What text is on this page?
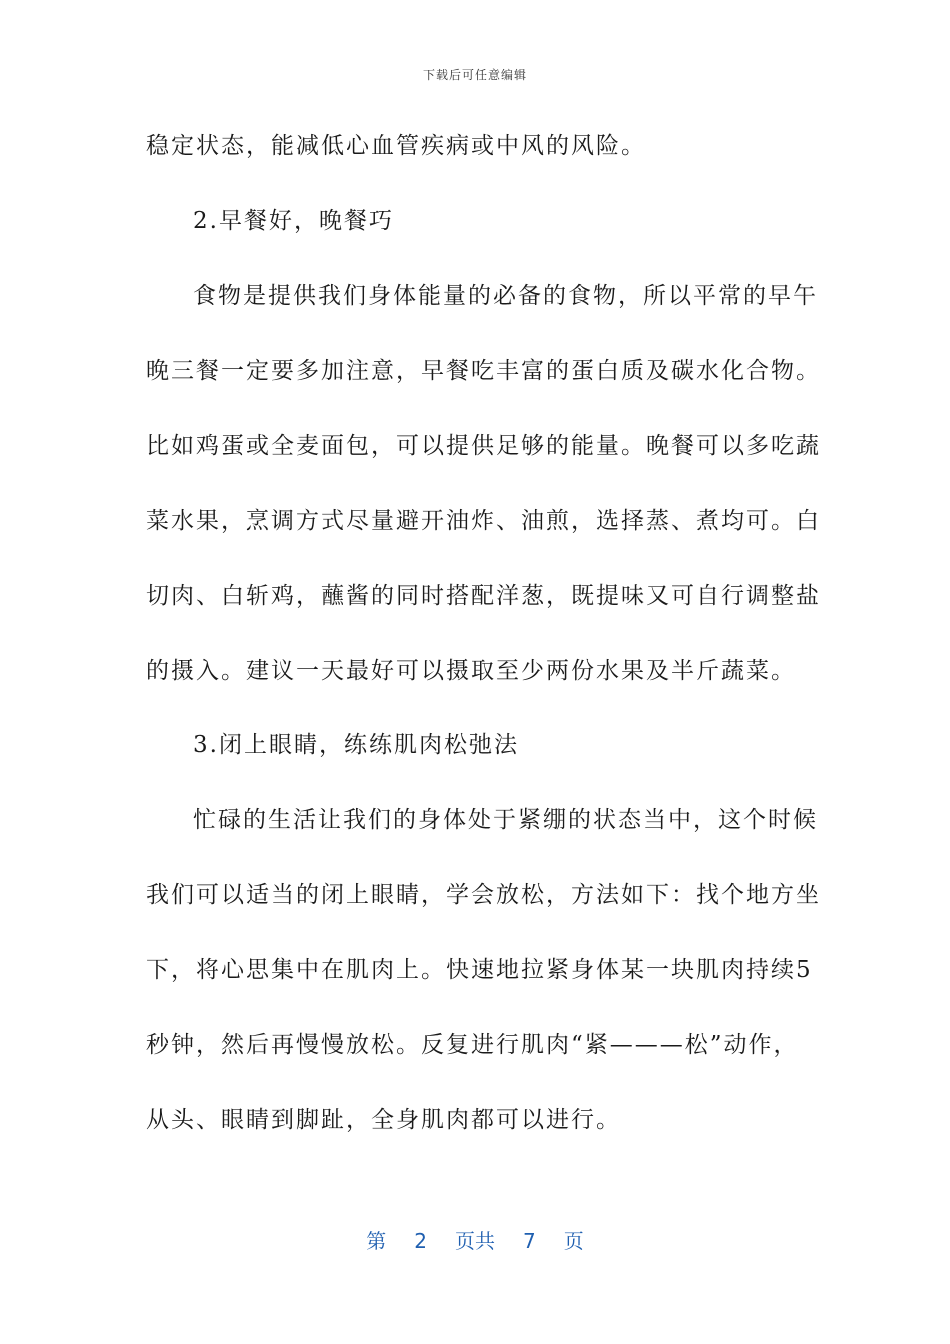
下载后可任意编辑
稳定状态，能减低心血管疾病或中风的风险。
2.早餐好，晚餐巧
食物是提供我们身体能量的必备的食物，所以平常的早午
晚三餐一定要多加注意，早餐吃丰富的蛋白质及碳水化合物。
比如鸡蛋或全麦面包，可以提供足够的能量。晚餐可以多吃蔬
菜水果，烹调方式尽量避开油炸、油煎，选择蒸、煮均可。白
切肉、白斩鸡，蘸酱的同时搭配洋葱，既提味又可自行调整盐
的摄入。建议一天最好可以摄取至少两份水果及半斤蔬菜。
3.闭上眼睛，练练肌肉松弛法
忙碌的生活让我们的身体处于紧绷的状态当中，这个时候
我们可以适当的闭上眼睛，学会放松，方法如下：找个地方坐
下，将心思集中在肌肉上。快速地拉紧身体某一块肌肉持续5
秒钟，然后再慢慢放松。反复进行肌肉“紧———松”动作，
从头、眼睛到脚趾，全身肌肉都可以进行。
第 2 页共 7 页
